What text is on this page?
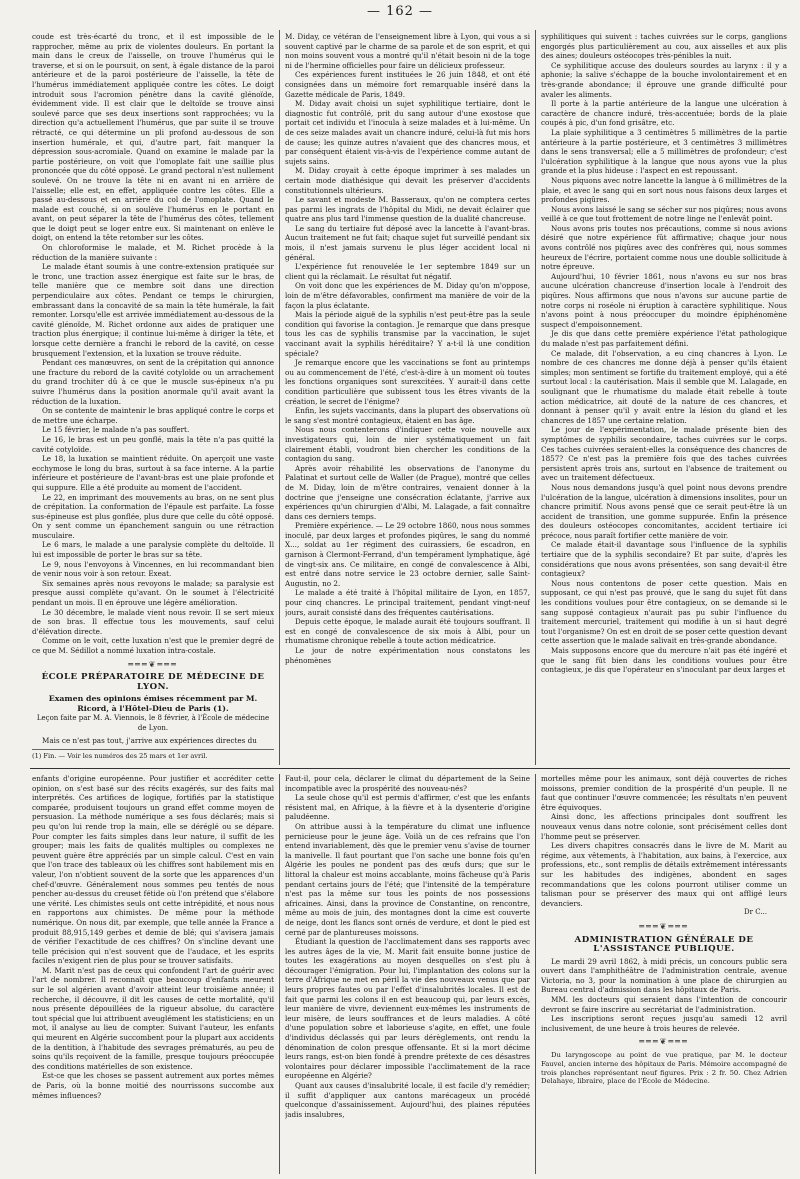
— 162 —

coude est très-écarté du tronc, et il est impossible de le rapprocher, même au prix de violentes douleurs. En portant la main dans le creux de l'aisselle, on trouve l'humérus qui le traverse, et si on le poursuit, on sent, à égale distance de la paroi antérieure et de la paroi postérieure de l'aisselle, la tête de l'humérus immédiatement appliquée contre les côtes. Le doigt introduit sous l'acromion pénètre dans la cavité glénoïde, évidemment vide. Il est clair que le deltoïde se trouve ainsi soulevé parce que ses deux insertions sont rapprochées; vu la direction qu'a actuellement l'humérus, que par suite il se trouve rétracté, ce qui détermine un pli profond au-dessous de son insertion humérale, et qui, d'autre part, fait manquer la dépression sous-acromiale. Quand on examine le malade par la partie postérieure, on voit que l'omoplate fait une saillie plus prononcée que du côté opposé. Le grand pectoral n'est nullement soulevé. On ne trouve la tête ni en avant ni en arrière de l'aisselle; elle est, en effet, appliquée contre les côtes. Elle a passé au-dessous et en arrière du col de l'omoplate. Quand le malade est couché, si on soulève l'humérus en le portant en avant, on peut séparer la tête de l'humérus des côtes, tellement que le doigt peut se loger entre eux. Si maintenant on enlève le doigt, on entend la tête retomber sur les côtes.

On chloroformise le malade, et M. Richet procède à la réduction de la manière suivante :

Le malade étant soumis à une contre-extension pratiquée sur le tronc, une traction assez énergique est faite sur le bras, de telle manière que ce membre soit dans une direction perpendiculaire aux côtes. Pendant ce temps le chirurgien, embrassant dans la concavité de sa main la tête humérale, la fait remonter. Lorsqu'elle est arrivée immédiatement au-dessous de la cavité glénoïde, M. Richet ordonne aux aides de pratiquer une traction plus énergique; il continue lui-même à diriger la tête, et lorsque cette dernière a franchi le rebord de la cavité, on cesse brusquement l'extension, et la luxation se trouve réduite.

Pendant ces manœuvres, on sent de la crépitation qui annonce une fracture du rebord de la cavité cotyloïde ou un arrachement du grand trochiter dû à ce que le muscle sus-épineux n'a pu suivre l'humérus dans la position anormale qu'il avait avant la réduction de la luxation.

On se contente de maintenir le bras appliqué contre le corps et de mettre une écharpe.

Le 15 février, le malade n'a pas souffert.

Le 16, le bras est un peu gonflé, mais la tête n'a pas quitté la cavité cotyloïde.

Le 18, la luxation se maintient réduite. On aperçoit une vaste ecchymose le long du bras, surtout à sa face interne. A la partie inférieure et postérieure de l'avant-bras est une plaie profonde et qui suppure. Elle a été produite au moment de l'accident.

Le 22, en imprimant des mouvements au bras, on ne sent plus de crépitation. La conformation de l'épaule est parfaite. La fosse sus-épineuse est plus gonflée, plus dure que celle du côté opposé. On y sent comme un épanchement sanguin ou une rétraction musculaire.

Le 6 mars, le malade a une paralysie complète du deltoïde. Il lui est impossible de porter le bras sur sa tête.

Le 9, nous l'envoyons à Vincennes, en lui recommandant bien de venir nous voir à son retour. Exeat.

Six semaines après nous revoyons le malade; sa paralysie est presque aussi complète qu'avant. On le soumet à l'électricité pendant un mois. Il en éprouve une légère amélioration.

Le 30 décembre, le malade vient nous revoir. Il se sert mieux de son bras. Il effectue tous les mouvements, sauf celui d'élévation directe.

Comme on le voit, cette luxation n'est que le premier degré de ce que M. Sédillot a nommé luxation intra-costale.

═══❦═══
ÉCOLE PRÉPARATOIRE DE MÉDECINE DE LYON.
Examen des opinions émises récemment par M. Ricord, à l'Hôtel-Dieu de Paris (1).
Leçon faite par M. A. Viennois, le 8 février, à l'École de médecine de Lyon.

Mais ce n'est pas tout, j'arrive aux expériences directes du

(1) Fin. — Voir les numéros des 25 mars et 1er avril.

M. Diday, ce vétéran de l'enseignement libre à Lyon, qui vous a si souvent captivé par le charme de sa parole et de son esprit, et qui non moins souvent vous a montré qu'il n'était besoin ni de la toge ni de l'hermine officielles pour faire un délicieux professeur.

Ces expériences furent instituées le 26 juin 1848, et ont été consignées dans un mémoire fort remarquable inséré dans la Gazette médicale de Paris, 1849.

M. Diday avait choisi un sujet syphilitique tertiaire, dont le diagnostic fut contrôlé, prit du sang autour d'une exostose que portait cet individu et l'inocula à seize malades et à lui-même. Un de ces seize malades avait un chancre induré, celui-là fut mis hors de cause; les quinze autres n'avaient que des chancres mous, et par conséquent étaient vis-à-vis de l'expérience comme autant de sujets sains.

M. Diday croyait à cette époque imprimer à ses malades un certain mode diathésique qui devait les préserver d'accidents constitutionnels ultérieurs.

Le savant et modeste M. Basseraux, qu'on ne comptera certes pas parmi les ingrats de l'hôpital du Midi, ne devait éclairer que quatre ans plus tard l'immense question de la dualité chancreuse.

Le sang du tertiaire fut déposé avec la lancette à l'avant-bras. Aucun traitement ne fut fait; chaque sujet fut surveillé pendant six mois, il n'est jamais survenu le plus léger accident local ni général.

L'expérience fut renouvelée le 1er septembre 1849 sur un client qui la réclamait. Le résultat fut négatif.

On voit donc que les expériences de M. Diday qu'on m'oppose, loin de m'être défavorables, confirment ma manière de voir de la façon la plus éclatante.

Mais la période aiguë de la syphilis n'est peut-être pas la seule condition qui favorise la contagion. Je remarque que dans presque tous les cas de syphilis transmise par la vaccination, le sujet vaccinant avait la syphilis héréditaire? Y a-t-il là une condition spéciale?

Je remarque encore que les vaccinations se font au printemps ou au commencement de l'été, c'est-à-dire à un moment où toutes les fonctions organiques sont surexcitées. Y aurait-il dans cette condition particulière que subissent tous les êtres vivants de la création, le secret de l'énigme?

Enfin, les sujets vaccinants, dans la plupart des observations où le sang s'est montré contagieux, étaient en bas âge.

Nous nous contenterons d'indiquer cette voie nouvelle aux investigateurs qui, loin de nier systématiquement un fait clairement établi, voudront bien chercher les conditions de la contagion du sang.

Après avoir réhabilité les observations de l'anonyme du Palatinat et surtout celle de Waller (de Prague), montré que celles de M. Diday, loin de m'être contraires, venaient donner à la doctrine que j'enseigne une consécration éclatante, j'arrive aux expériences qu'un chirurgien d'Albi, M. Lalagade, a fait connaître dans ces derniers temps.

Première expérience. — Le 29 octobre 1860, nous nous sommes inoculé, par deux larges et profondes piqûres, le sang du nommé X..., soldat au 1er régiment des cuirassiers, 6e escadron, en garnison à Clermont-Ferrand, d'un tempérament lymphatique, âgé de vingt-six ans. Ce militaire, en congé de convalescence à Albi, est entré dans notre service le 23 octobre dernier, salle Saint-Augustin, no 2.

Le malade a été traité à l'hôpital militaire de Lyon, en 1857, pour cinq chancres. Le principal traitement, pendant vingt-neuf jours, aurait consisté dans des fréquentes cautérisations.

Depuis cette époque, le malade aurait été toujours souffrant. Il est en congé de convalescence de six mois à Albi, pour un rhumatisme chronique rebelle à toute action médicatrice.

Le jour de notre expérimentation nous constatons les phénomènes

syphilitiques qui suivent : taches cuivrées sur le corps, ganglions engorgés plus particulièrement au cou, aux aisselles et aux plis des aines; douleurs ostéocopes très-pénibles la nuit.

Ce syphilitique accuse des douleurs sourdes au larynx : il y a aphonie; la salive s'échappe de la bouche involontairement et en très-grande abondance; il éprouve une grande difficulté pour avaler les aliments.

Il porte à la partie antérieure de la langue une ulcération à caractère de chancre induré, très-accentuée; bords de la plaie coupés à pic, d'un fond grisâtre, etc.

La plaie syphilitique a 3 centimètres 5 millimètres de la partie antérieure à la partie postérieure, et 3 centimètres 3 millimètres dans le sens transversal; elle a 5 millimètres de profondeur; c'est l'ulcération syphilitique à la langue que nous ayons vue la plus grande et la plus hideuse : l'aspect en est repoussant.

Nous piquons avec notre lancette la langue à 6 millimètres de la plaie, et avec le sang qui en sort nous nous faisons deux larges et profondes piqûres.

Nous avons laissé le sang se sécher sur nos piqûres; nous avons veillé à ce que tout frottement de notre linge ne l'enlevât point.

Nous avons pris toutes nos précautions, comme si nous avions désiré que notre expérience fût affirmative; chaque jour nous avons contrôlé nos piqûres avec des confrères qui, nous sommes heureux de l'écrire, portaient comme nous une double sollicitude à notre épreuve.

Aujourd'hui, 10 février 1861, nous n'avons eu sur nos bras aucune ulcération chancreuse d'insertion locale à l'endroit des piqûres. Nous affirmons que nous n'avons sur aucune partie de notre corps ni roséole ni éruption à caractère syphilitique. Nous n'avons point à nous préoccuper du moindre épiphénomène suspect d'empoisonnement.

Je dis que dans cette première expérience l'état pathologique du malade n'est pas parfaitement défini.

Ce malade, dit l'observation, a eu cinq chancres à Lyon. Le nombre de ces chancres me donne déjà à penser qu'ils étaient simples; mon sentiment se fortifie du traitement employé, qui a été surtout local : la cautérisation. Mais il semble que M. Lalagade, en soulignant que le rhumatisme du malade était rebelle à toute action médicatrice, ait douté de la nature de ces chancres, et donnant à penser qu'il y avait entre la lésion du gland et les chancres de 1857 une certaine relation.

Le jour de l'expérimentation, le malade présente bien des symptômes de syphilis secondaire, taches cuivrées sur le corps. Ces taches cuivrées seraient-elles la conséquence des chancres de 1857? Ce n'est pas la première fois que des taches cuivrées persistent après trois ans, surtout en l'absence de traitement ou avec un traitement défectueux.

Nous nous demandons jusqu'à quel point nous devons prendre l'ulcération de la langue, ulcération à dimensions insolites, pour un chancre primitif. Nous avons pensé que ce serait peut-être là un accident de transition, une gomme suppurée. Enfin la présence des douleurs ostéocopes concomitantes, accident tertiaire ici précoce, nous paraît fortifier cette manière de voir.

Ce malade était-il davantage sous l'influence de la syphilis tertiaire que de la syphilis secondaire? Et par suite, d'après les considérations que nous avons présentées, son sang devait-il être contagieux?

Nous nous contentons de poser cette question. Mais en supposant, ce qui n'est pas prouvé, que le sang du sujet fût dans les conditions voulues pour être contagieux, on se demande si le sang supposé contagieux n'aurait pas pu subir l'influence du traitement mercuriel, traitement qui modifie à un si haut degré tout l'organisme? On est en droit de se poser cette question devant cette assertion que le malade salivait en très-grande abondance.

Mais supposons encore que du mercure n'ait pas été ingéré et que le sang fût bien dans les conditions voulues pour être contagieux, je dis que l'opérateur en s'inoculant par deux larges et

enfants d'origine européenne. Pour justifier et accréditer cette opinion, on s'est basé sur des récits exagérés, sur des faits mal interprétés. Ces artifices de logique, fortifiés par la statistique comparée, produisent toujours un grand effet comme moyen de persuasion. La méthode numérique a ses fous déclarés; mais si peu qu'on lui rende trop la main, elle se déréglé ou se dépare. Pour compter les faits simples dans leur nature, il suffit de les grouper; mais les faits de qualités multiples ou complexes ne peuvent guère être appréciés par un simple calcul. C'est en vain que l'on trace des tableaux où les chiffres sont habilement mis en valeur, l'on n'obtient souvent de la sorte que les apparences d'un chef-d'œuvre. Généralement nous sommes peu tentés de nous pencher au-dessus du creuset fétide où l'on prétend que s'élabore une vérité. Les chimistes seuls ont cette intrépidité, et nous nous en rapportons aux chimistes. De même pour la méthode numérique. On nous dit, par exemple, que telle année la France a produit 88,915,149 gerbes et demie de blé; qui s'avisera jamais de vérifier l'exactitude de ces chiffres? On s'incline devant une telle précision qui n'est souvent que de l'audace, et les esprits faciles n'exigent rien de plus pour se trouver satisfaits.

M. Marit n'est pas de ceux qui confondent l'art de guérir avec l'art de nombrer. Il reconnaît que beaucoup d'enfants meurent sur le sol algérien avant d'avoir atteint leur troisième année; il recherche, il découvre, il dit les causes de cette mortalité, qu'il nous présente dépouillées de la rigueur absolue, du caractère tout spécial que lui attribuent aveuglément les statisticiens; en un mot, il analyse au lieu de compter. Suivant l'auteur, les enfants qui meurent en Algérie succombent pour la plupart aux accidents de la dentition, à l'habitude des sevrages prématurés, au peu de soins qu'ils reçoivent de la famille, presque toujours préoccupée des conditions matérielles de son existence.

Est-ce que les choses se passent autrement aux portes mêmes de Paris, où la bonne moitié des nourrissons succombe aux mêmes influences?

Faut-il, pour cela, déclarer le climat du département de la Seine incompatible avec la prospérité des nouveau-nés?

La seule chose qu'il est permis d'affirmer, c'est que les enfants résistent mal, en Afrique, à la fièvre et à la dysenterie d'origine paludéenne.

On attribue aussi à la température du climat une influence pernicieuse pour le jeune âge. Voilà un de ces refrains que l'on entend invariablement, dès que le premier venu s'avise de tourner la manivelle. Il faut pourtant que l'on sache une bonne fois qu'en Algérie les poules ne pondent pas des œufs durs; que sur le littoral la chaleur est moins accablante, moins fâcheuse qu'à Paris pendant certains jours de l'été; que l'intensité de la température n'est pas la même sur tous les points de nos possessions africaines. Ainsi, dans la province de Constantine, on rencontre, même au mois de juin, des montagnes dont la cime est couverte de neige, dont les flancs sont ornés de verdure, et dont le pied est cerné par de plantureuses moissons.

Étudiant la question de l'acclimatement dans ses rapports avec les autres âges de la vie, M. Marit fait ensuite bonne justice de toutes les exagérations au moyen desquelles on s'est plu à décourager l'émigration. Pour lui, l'implantation des colons sur la terre d'Afrique ne met en péril la vie des nouveaux venus que par leurs propres fautes ou par l'effet d'insalubrités locales. Il est de fait que parmi les colons il en est beaucoup qui, par leurs excès, leur manière de vivre, deviennent eux-mêmes les instruments de leur misère, de leurs souffrances et de leurs maladies. A côté d'une population sobre et laborieuse s'agite, en effet, une foule d'individus déclassés qui par leurs dérèglements, ont rendu la dénomination de colon presque offensante. Et si la mort décime leurs rangs, est-on bien fondé à prendre prétexte de ces désastres volontaires pour déclarer impossible l'acclimatement de la race européenne en Algérie?

Quant aux causes d'insalubrité locale, il est facile d'y remédier; il suffit d'appliquer aux cantons marécageux un procédé quelconque d'assainissement. Aujourd'hui, des plaines réputées jadis insalubres,

mortelles même pour les animaux, sont déjà couvertes de riches moissons, premier condition de la prospérité d'un peuple. Il ne faut que continuer l'œuvre commencée; les résultats n'en peuvent être équivoques.

Ainsi donc, les affections principales dont souffrent les nouveaux venus dans notre colonie, sont précisément celles dont l'homme peut se préserver.

Les divers chapitres consacrés dans le livre de M. Marit au régime, aux vêtements, à l'habitation, aux bains, à l'exercice, aux professions, etc., sont remplis de détails extrêmement intéressants sur les habitudes des indigènes, abondent en sages recommandations que les colons pourront utiliser comme un talisman pour se préserver des maux qui ont affligé leurs devanciers.

Dr C...
═══❦═══
ADMINISTRATION GÉNÉRALE DE L'ASSISTANCE PUBLIQUE.

Le mardi 29 avril 1862, à midi précis, un concours public sera ouvert dans l'amphithéâtre de l'administration centrale, avenue Victoria, no 3, pour la nomination à une place de chirurgien au Bureau central d'admission dans les hôpitaux de Paris.

MM. les docteurs qui seraient dans l'intention de concourir devront se faire inscrire au secrétariat de l'administration.

Les inscriptions seront reçues jusqu'au samedi 12 avril inclusivement, de une heure à trois heures de relevée.

═══❦═══

Du laryngoscope au point de vue pratique, par M. le docteur Fauvel, ancien interne des hôpitaux de Paris. Mémoire accompagné de trois planches représentant neuf figures. Prix : 2 fr. 50. Chez Adrien Delahaye, libraire, place de l'École de Médecine.
